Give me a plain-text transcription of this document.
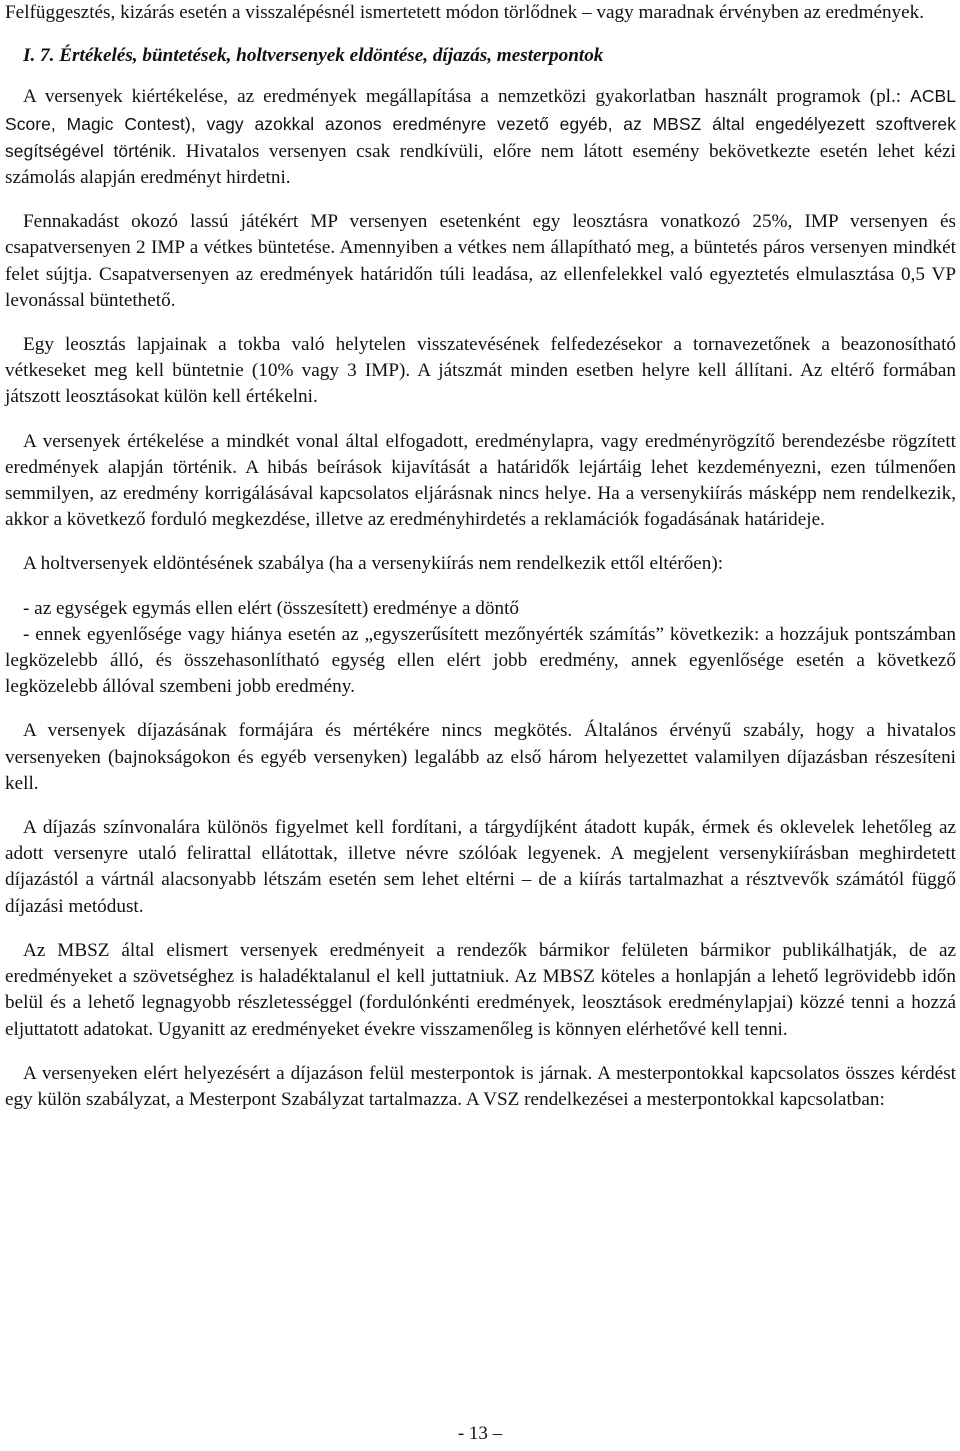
Felfüggesztés, kizárás esetén a visszalépésnél ismertetett módon törlődnek – vagy maradnak érvényben az eredmények.

I. 7. Értékelés, büntetések, holtversenyek eldöntése, díjazás, mesterpontok

A versenyek kiértékelése, az eredmények megállapítása a nemzetközi gyakorlatban használt programok (pl.: ACBL Score, Magic Contest), vagy azokkal azonos eredményre vezető egyéb, az MBSZ által engedélyezett szoftverek segítségével történik. Hivatalos versenyen csak rendkívüli, előre nem látott esemény bekövetkezte esetén lehet kézi számolás alapján eredményt hirdetni.

Fennakadást okozó lassú játékért MP versenyen esetenként egy leosztásra vonatkozó 25%, IMP versenyen és csapatversenyen 2 IMP a vétkes büntetése. Amennyiben a vétkes nem állapítható meg, a büntetés páros versenyen mindkét felet sújtja. Csapatversenyen az eredmények határidőn túli leadása, az ellenfelekkel való egyeztetés elmulasztása 0,5 VP levonással büntethető.

Egy leosztás lapjainak a tokba való helytelen visszatevésének felfedezésekor a tornavezetőnek a beazonosítható vétkeseket meg kell büntetnie (10% vagy 3 IMP). A játszmát minden esetben helyre kell állítani. Az eltérő formában játszott leosztásokat külön kell értékelni.

A versenyek értékelése a mindkét vonal által elfogadott, eredménylapra, vagy eredményrögzítő berendezésbe rögzített eredmények alapján történik. A hibás beírások kijavítását a határidők lejártáig lehet kezdeményezni, ezen túlmenően semmilyen, az eredmény korrigálásával kapcsolatos eljárásnak nincs helye. Ha a versenykiírás másképp nem rendelkezik, akkor a következő forduló megkezdése, illetve az eredményhirdetés a reklamációk fogadásának határideje.

A holtversenyek eldöntésének szabálya (ha a versenykiírás nem rendelkezik ettől eltérően):

- az egységek egymás ellen elért (összesített) eredménye a döntő

- ennek egyenlősége vagy hiánya esetén az „egyszerűsített mezőnyérték számítás” következik: a hozzájuk pontszámban legközelebb álló, és összehasonlítható egység ellen elért jobb eredmény, annek egyenlősége esetén a következő legközelebb állóval szembeni jobb eredmény.

A versenyek díjazásának formájára és mértékére nincs megkötés. Általános érvényű szabály, hogy a hivatalos versenyeken (bajnokságokon és egyéb versenyken) legalább az első három helyezettet valamilyen díjazásban részesíteni kell.

A díjazás színvonalára különös figyelmet kell fordítani, a tárgydíjként átadott kupák, érmek és oklevelek lehetőleg az adott versenyre utaló felirattal ellátottak, illetve névre szólóak legyenek. A megjelent versenykiírásban meghirdetett díjazástól a vártnál alacsonyabb létszám esetén sem lehet eltérni – de a kiírás tartalmazhat a résztvevők számától függő díjazási metódust.

Az MBSZ által elismert versenyek eredményeit a rendezők bármikor felületen bármikor publikálhatják, de az eredményeket a szövetséghez is haladéktalanul el kell juttatniuk. Az MBSZ köteles a honlapján a lehető legrövidebb időn belül és a lehető legnagyobb részletességgel (fordulónkénti eredmények, leosztások eredménylapjai) közzé tenni a hozzá eljuttatott adatokat. Ugyanitt az eredményeket évekre visszamenőleg is könnyen elérhetővé kell tenni.

A versenyeken elért helyezésért a díjazáson felül mesterpontok is járnak. A mesterpontokkal kapcsolatos összes kérdést egy külön szabályzat, a Mesterpont Szabályzat tartalmazza. A VSZ rendelkezései a mesterpontokkal kapcsolatban:

- 13 –
